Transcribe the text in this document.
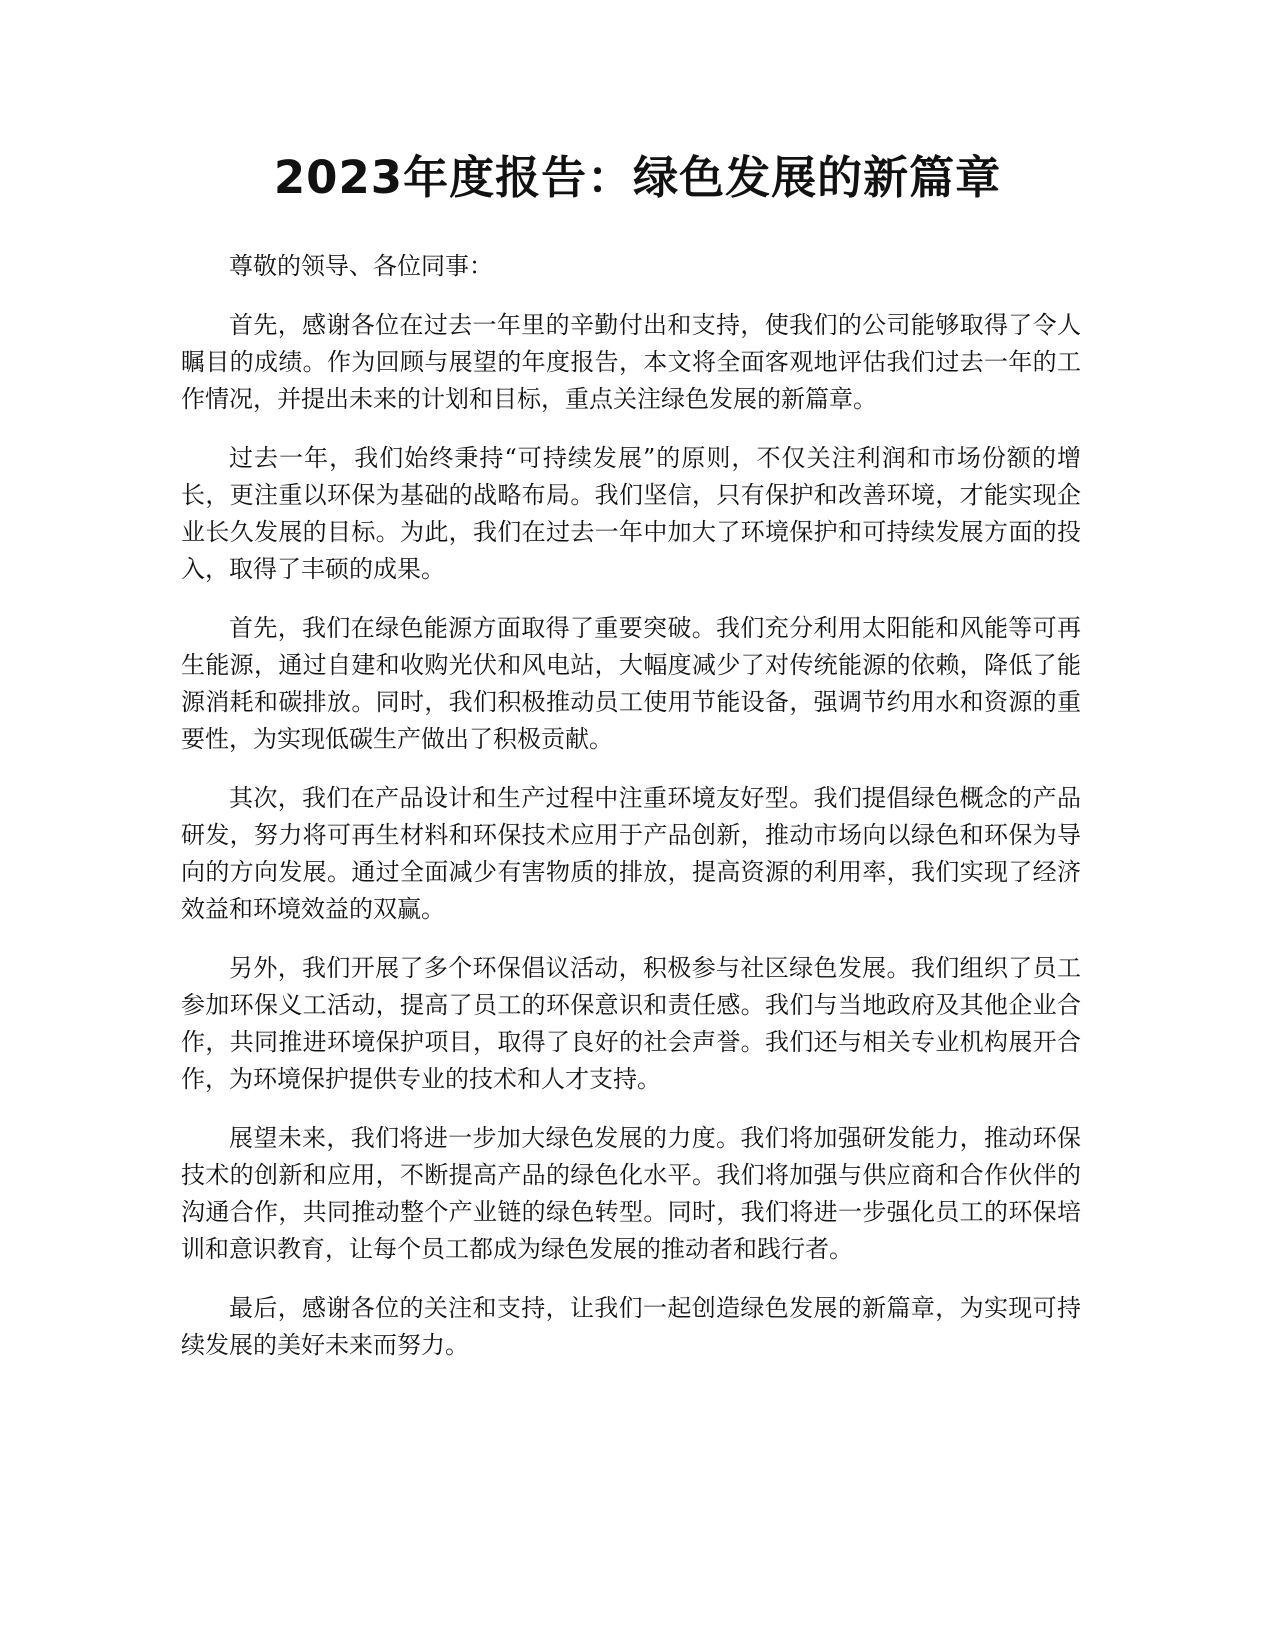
2023年度报告：绿色发展的新篇章

尊敬的领导、各位同事：

首先，感谢各位在过去一年里的辛勤付出和支持，使我们的公司能够取得了令人瞩目的成绩。作为回顾与展望的年度报告，本文将全面客观地评估我们过去一年的工作情况，并提出未来的计划和目标，重点关注绿色发展的新篇章。

过去一年，我们始终秉持“可持续发展”的原则，不仅关注利润和市场份额的增长，更注重以环保为基础的战略布局。我们坚信，只有保护和改善环境，才能实现企业长久发展的目标。为此，我们在过去一年中加大了环境保护和可持续发展方面的投入，取得了丰硕的成果。

首先，我们在绿色能源方面取得了重要突破。我们充分利用太阳能和风能等可再生能源，通过自建和收购光伏和风电站，大幅度减少了对传统能源的依赖，降低了能源消耗和碳排放。同时，我们积极推动员工使用节能设备，强调节约用水和资源的重要性，为实现低碳生产做出了积极贡献。

其次，我们在产品设计和生产过程中注重环境友好型。我们提倡绿色概念的产品研发，努力将可再生材料和环保技术应用于产品创新，推动市场向以绿色和环保为导向的方向发展。通过全面减少有害物质的排放，提高资源的利用率，我们实现了经济效益和环境效益的双赢。

另外，我们开展了多个环保倡议活动，积极参与社区绿色发展。我们组织了员工参加环保义工活动，提高了员工的环保意识和责任感。我们与当地政府及其他企业合作，共同推进环境保护项目，取得了良好的社会声誉。我们还与相关专业机构展开合作，为环境保护提供专业的技术和人才支持。

展望未来，我们将进一步加大绿色发展的力度。我们将加强研发能力，推动环保技术的创新和应用，不断提高产品的绿色化水平。我们将加强与供应商和合作伙伴的沟通合作，共同推动整个产业链的绿色转型。同时，我们将进一步强化员工的环保培训和意识教育，让每个员工都成为绿色发展的推动者和践行者。

最后，感谢各位的关注和支持，让我们一起创造绿色发展的新篇章，为实现可持续发展的美好未来而努力。
